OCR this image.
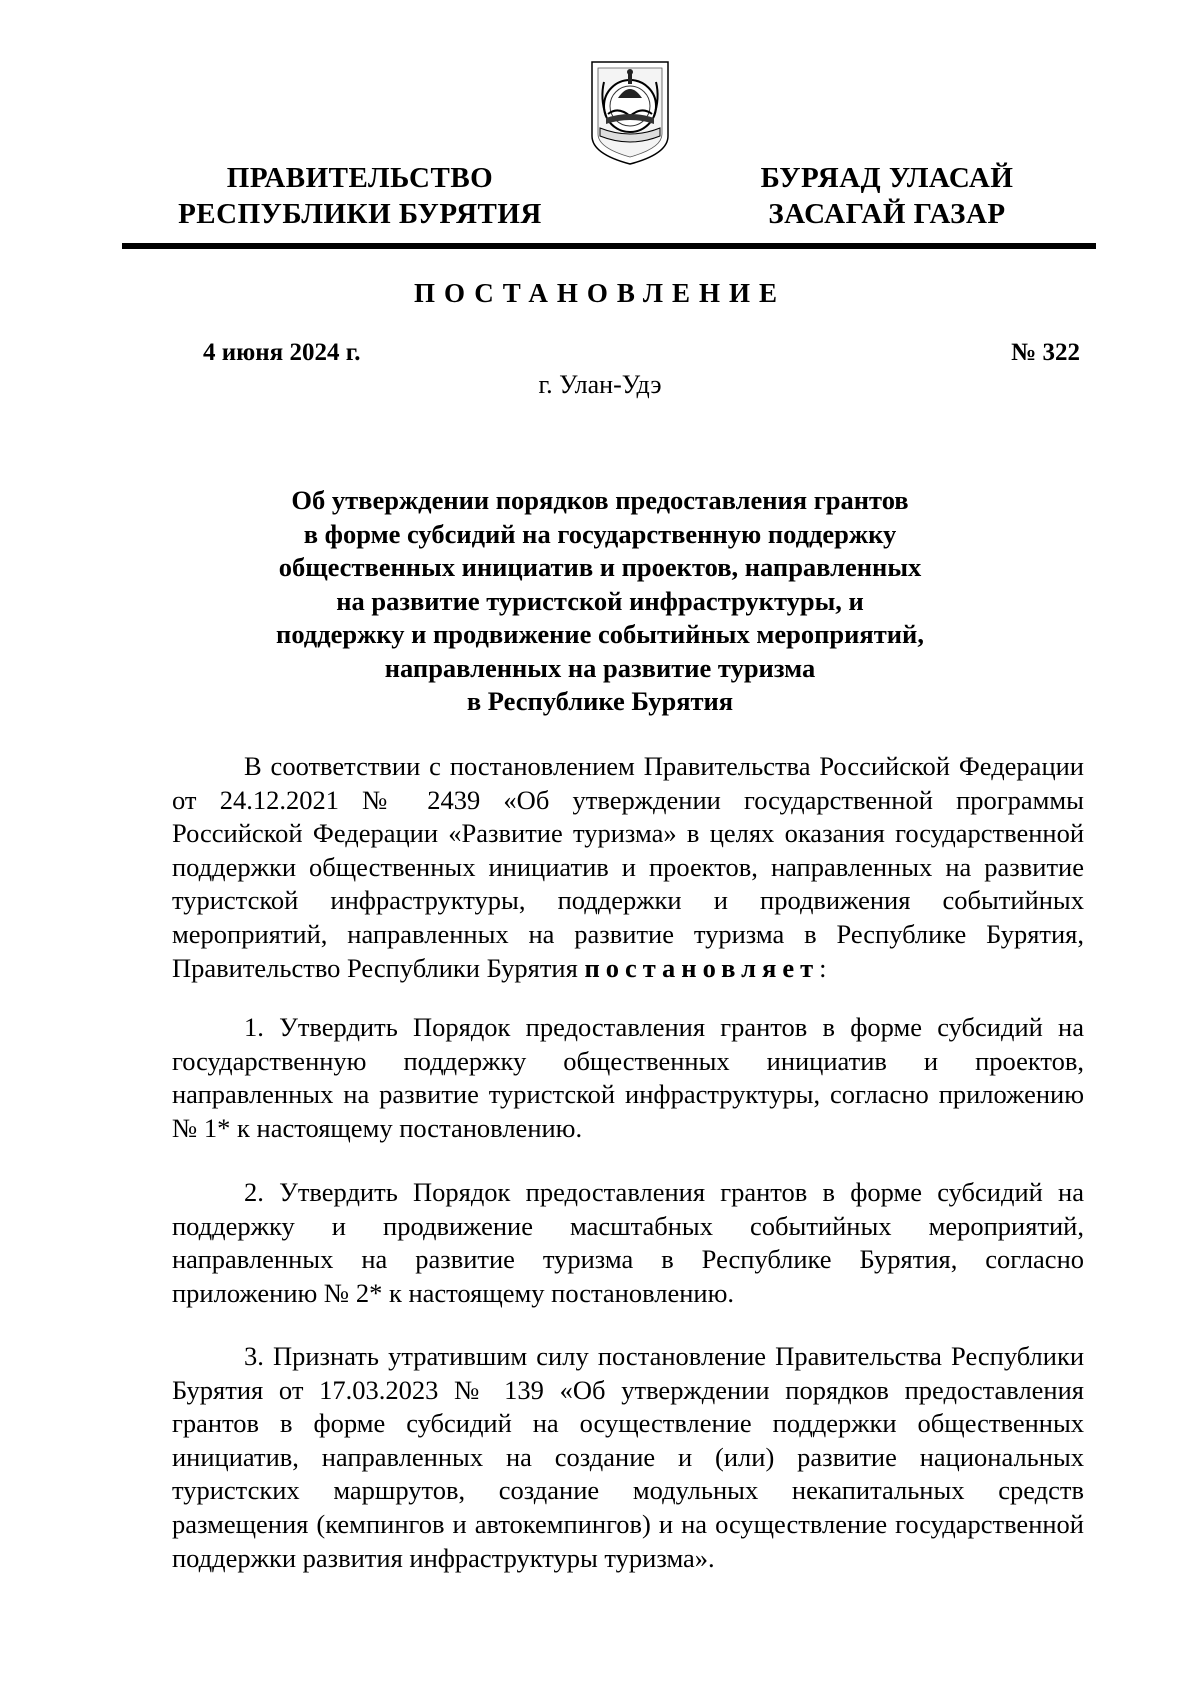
ПРАВИТЕЛЬСТВО
РЕСПУБЛИКИ БУРЯТИЯ
БУРЯАД УЛАСАЙ
ЗАСАГАЙ ГАЗАР
ПОСТАНОВЛЕНИЕ
4 июня 2024 г.	№ 322
г. Улан-Удэ
Об утверждении порядков предоставления грантов
в форме субсидий на государственную поддержку
общественных инициатив и проектов, направленных
на развитие туристской инфраструктуры, и
поддержку и продвижение событийных мероприятий,
направленных на развитие туризма
в Республике Бурятия

В соответствии с постановлением Правительства Российской Федерации от 24.12.2021 № 2439 «Об утверждении государственной программы Российской Федерации «Развитие туризма» в целях оказания государственной поддержки общественных инициатив и проектов, направленных на развитие туристской инфраструктуры, поддержки и продвижения событийных мероприятий, направленных на развитие туризма в Республике Бурятия, Правительство Республики Бурятия постановляет:

1. Утвердить Порядок предоставления грантов в форме субсидий на государственную поддержку общественных инициатив и проектов, направленных на развитие туристской инфраструктуры, согласно приложению № 1* к настоящему постановлению.

2. Утвердить Порядок предоставления грантов в форме субсидий на поддержку и продвижение масштабных событийных мероприятий, направленных на развитие туризма в Республике Бурятия, согласно приложению № 2* к настоящему постановлению.

3. Признать утратившим силу постановление Правительства Республики Бурятия от 17.03.2023 № 139 «Об утверждении порядков предоставления грантов в форме субсидий на осуществление поддержки общественных инициатив, направленных на создание и (или) развитие национальных туристских маршрутов, создание модульных некапитальных средств размещения (кемпингов и автокемпингов) и на осуществление государственной поддержки развития инфраструктуры туризма».
